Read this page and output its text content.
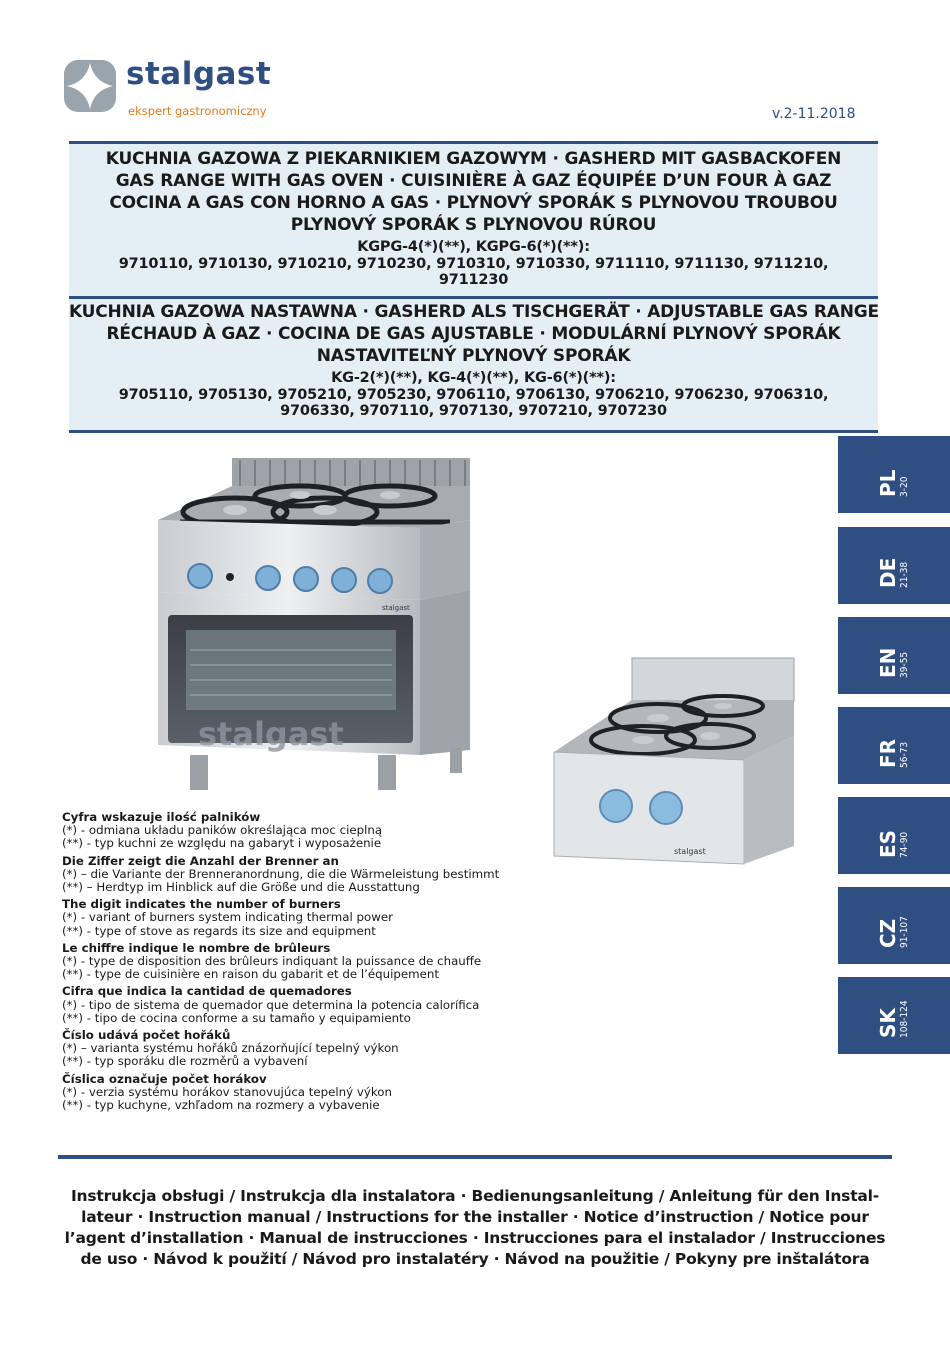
stalgast
ekspert gastronomiczny	v.2-11.2018
KUCHNIA GAZOWA Z PIEKARNIKIEM GAZOWYM · GASHERD MIT GASBACKOFEN
GAS RANGE WITH GAS OVEN · CUISINIÈRE À GAZ ÉQUIPÉE D’UN FOUR À GAZ
COCINA A GAS CON HORNO A GAS · PLYNOVÝ SPORÁK S PLYNOVOU TROUBOU
PLYNOVÝ SPORÁK S PLYNOVOU RÚROU
KGPG-4(*)(**), KGPG-6(*)(**):
9710110, 9710130, 9710210, 9710230, 9710310, 9710330, 9711110, 9711130, 9711210,
9711230
KUCHNIA GAZOWA NASTAWNA · GASHERD ALS TISCHGERÄT · ADJUSTABLE GAS RANGE
RÉCHAUD À GAZ · COCINA DE GAS AJUSTABLE · MODULÁRNÍ PLYNOVÝ SPORÁK
NASTAVITEĽNÝ PLYNOVÝ SPORÁK
KG-2(*)(**), KG-4(*)(**), KG-6(*)(**):
9705110, 9705130, 9705210, 9705230, 9706110, 9706130, 9706210, 9706230, 9706310,
9706330, 9707110, 9707130, 9707210, 9707230
stalgast
stalgast
stalgast
PL 3-20
DE 21-38
EN 39-55
FR 56-73
ES 74-90
CZ 91-107
SK 108-124
Cyfra wskazuje ilość palników
(*) - odmiana układu paników określająca moc cieplną
(**) - typ kuchni ze względu na gabaryt i wyposażenie
Die Ziffer zeigt die Anzahl der Brenner an
(*) – die Variante der Brenneranordnung, die die Wärmeleistung bestimmt
(**) – Herdtyp im Hinblick auf die Größe und die Ausstattung
The digit indicates the number of burners
(*) - variant of burners system indicating thermal power
(**) - type of stove as regards its size and equipment
Le chiffre indique le nombre de brûleurs
(*) - type de disposition des brûleurs indiquant la puissance de chauffe
(**) - type de cuisinière en raison du gabarit et de l’équipement
Cifra que indica la cantidad de quemadores
(*) - tipo de sistema de quemador que determina la potencia calorífica
(**) - tipo de cocina conforme a su tamaño y equipamiento
Číslo udává počet hořáků
(*) – varianta systému hořáků znázorňující tepelný výkon
(**) - typ sporáku dle rozměrů a vybavení
Číslica označuje počet horákov
(*) - verzia systému horákov stanovujúca tepelný výkon
(**) - typ kuchyne, vzhľadom na rozmery a vybavenie
Instrukcja obsługi / Instrukcja dla instalatora · Bedienungsanleitung / Anleitung für den Instal-
lateur · Instruction manual / Instructions for the installer · Notice d’instruction / Notice pour
l’agent d’installation · Manual de instrucciones · Instrucciones para el instalador / Instrucciones
de uso · Návod k použití / Návod pro instalatéry · Návod na použitie / Pokyny pre inštalátora
